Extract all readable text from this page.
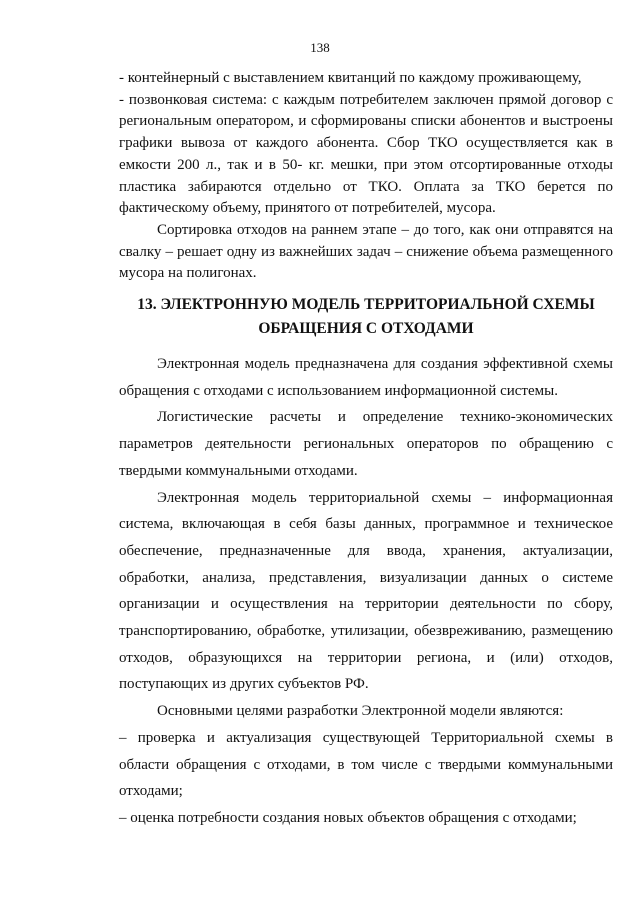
138

- контейнерный с выставлением квитанций по каждому проживающему,

- позвонковая система: с каждым потребителем заключен прямой договор с региональным оператором, и сформированы списки абонентов и выстроены графики вывоза от каждого абонента. Сбор ТКО осуществляется как в емкости 200 л., так и в 50- кг. мешки, при этом отсортированные отходы пластика забираются отдельно от ТКО. Оплата за ТКО берется по фактическому объему, принятого от потребителей, мусора.

Сортировка отходов на раннем этапе – до того, как они отправятся на свалку – решает одну из важнейших задач – снижение объема размещенного мусора на полигонах.

13. ЭЛЕКТРОННУЮ МОДЕЛЬ ТЕРРИТОРИАЛЬНОЙ СХЕМЫ
ОБРАЩЕНИЯ С ОТХОДАМИ

Электронная модель предназначена для создания эффективной схемы обращения с отходами с использованием информационной системы.

Логистические расчеты и определение технико-экономических параметров деятельности региональных операторов по обращению с твердыми коммунальными отходами.

Электронная модель территориальной схемы – информационная система, включающая в себя базы данных, программное и техническое обеспечение, предназначенные для ввода, хранения, актуализации, обработки, анализа, представления, визуализации данных о системе организации и осуществления на территории деятельности по сбору, транспортированию, обработке, утилизации, обезвреживанию, размещению отходов, образующихся на территории региона, и (или) отходов, поступающих из других субъектов РФ.

Основными целями разработки Электронной модели являются:

– проверка и актуализация существующей Территориальной схемы в области обращения с отходами, в том числе с твердыми коммунальными отходами;

– оценка потребности создания новых объектов обращения с отходами;
